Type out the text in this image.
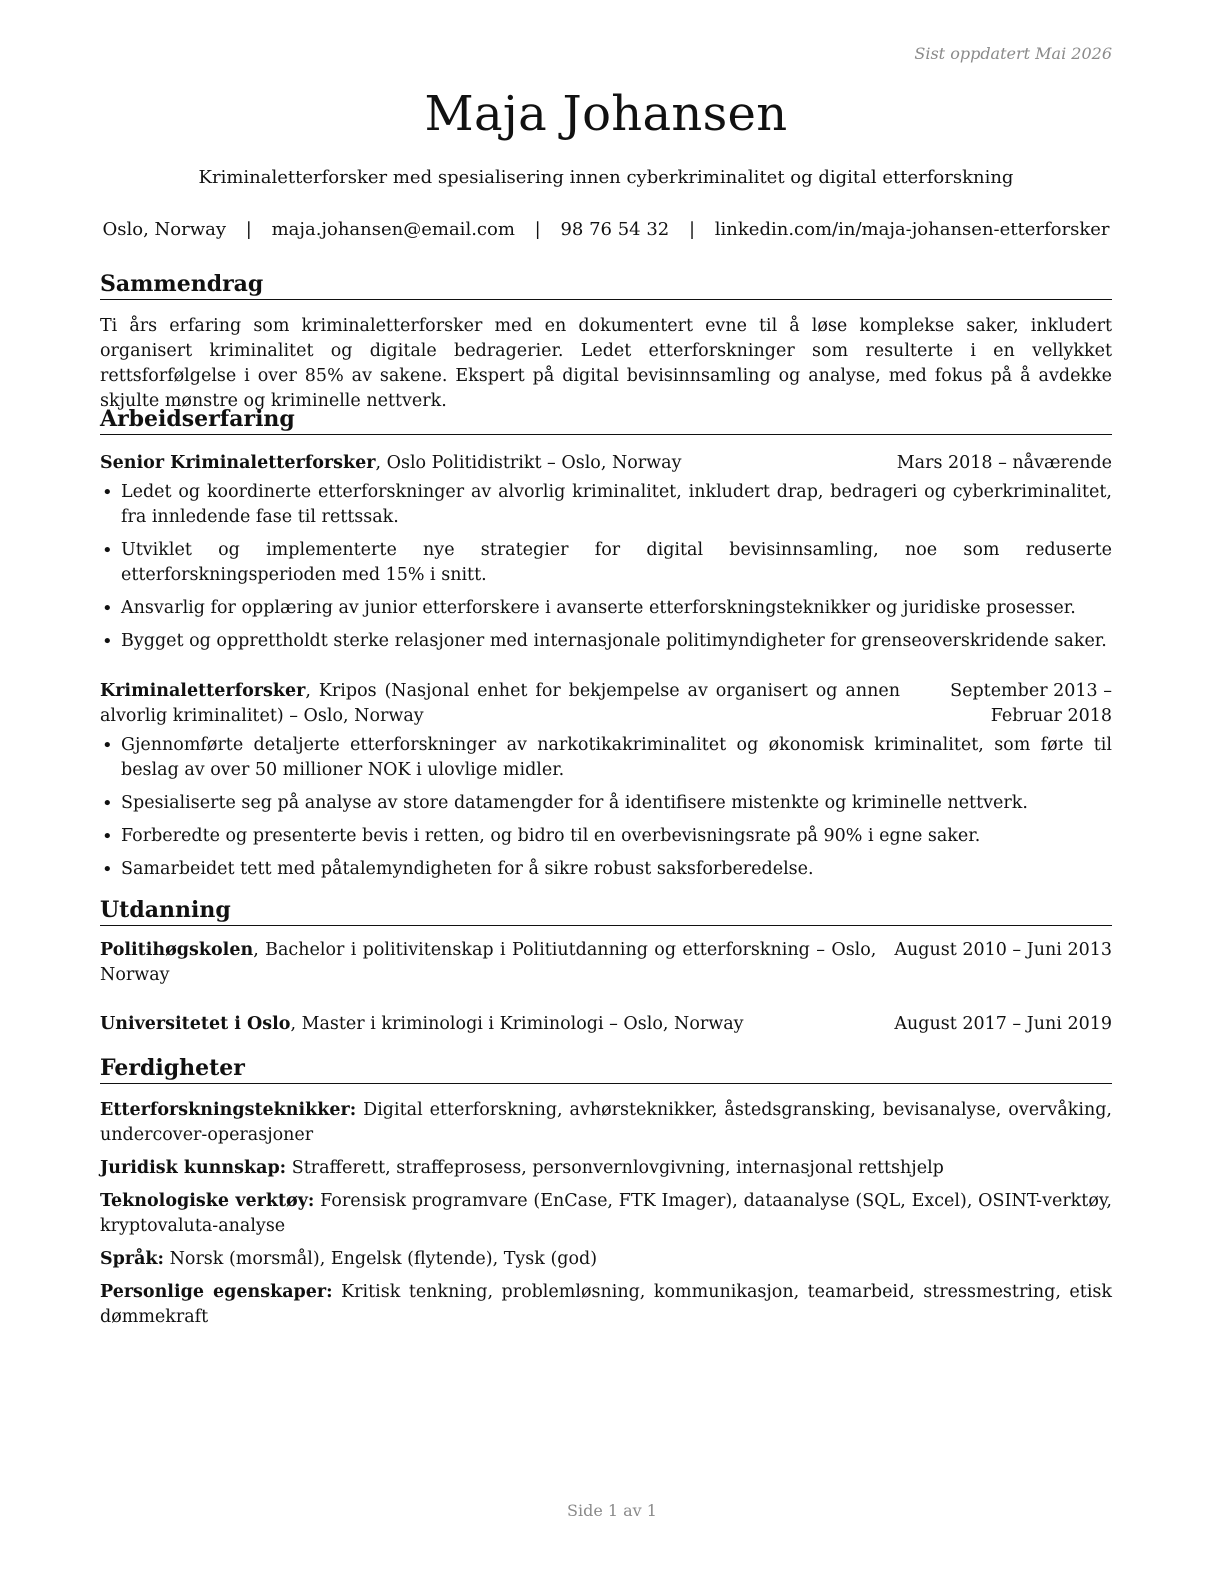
Sist oppdatert Mai 2026
Maja Johansen
Kriminaletterforsker med spesialisering innen cyberkriminalitet og digital etterforskning
Oslo, Norway | maja.johansen@email.com | 98 76 54 32 | linkedin.com/in/maja-johansen-etterforsker
Sammendrag

Ti års erfaring som kriminaletterforsker med en dokumentert evne til å løse komplekse saker, inkludert organisert kriminalitet og digitale bedragerier. Ledet etterforskninger som resulterte i en vellykket rettsforfølgelse i over 85% av sakene. Ekspert på digital bevisinnsamling og analyse, med fokus på å avdekke skjulte mønstre og kriminelle nettverk.

Arbeidserfaring
Senior Kriminaletterforsker, Oslo Politidistrikt – Oslo, Norway	Mars 2018 – nåværende
• Ledet og koordinerte etterforskninger av alvorlig kriminalitet, inkludert drap, bedrageri og cyberkriminalitet, fra innledende fase til rettssak.
• Utviklet og implementerte nye strategier for digital bevisinnsamling, noe som reduserte etterforskningsperioden med 15% i snitt.
• Ansvarlig for opplæring av junior etterforskere i avanserte etterforskningsteknikker og juridiske prosesser.
• Bygget og opprettholdt sterke relasjoner med internasjonale politimyndigheter for grenseoverskridende saker.
Kriminaletterforsker, Kripos (Nasjonal enhet for bekjempelse av organisert og annen alvorlig kriminalitet) – Oslo, Norway
September 2013 – Februar 2018
• Gjennomførte detaljerte etterforskninger av narkotikakriminalitet og økonomisk kriminalitet, som førte til beslag av over 50 millioner NOK i ulovlige midler.
• Spesialiserte seg på analyse av store datamengder for å identifisere mistenkte og kriminelle nettverk.
• Forberedte og presenterte bevis i retten, og bidro til en overbevisningsrate på 90% i egne saker.
• Samarbeidet tett med påtalemyndigheten for å sikre robust saksforberedelse.
Utdanning
Politihøgskolen, Bachelor i politivitenskap i Politiutdanning og etterforskning – Oslo, Norway
August 2010 – Juni 2013
Universitetet i Oslo, Master i kriminologi i Kriminologi – Oslo, Norway	August 2017 – Juni 2019
Ferdigheter
Etterforskningsteknikker: Digital etterforskning, avhørsteknikker, åstedsgransking, bevisanalyse, overvåking, undercover-operasjoner
Juridisk kunnskap: Strafferett, straffeprosess, personvernlovgivning, internasjonal rettshjelp
Teknologiske verktøy: Forensisk programvare (EnCase, FTK Imager), dataanalyse (SQL, Excel), OSINT-verktøy, kryptovaluta-analyse
Språk: Norsk (morsmål), Engelsk (flytende), Tysk (god)
Personlige egenskaper: Kritisk tenkning, problemløsning, kommunikasjon, teamarbeid, stressmestring, etisk dømmekraft
Side 1 av 1
